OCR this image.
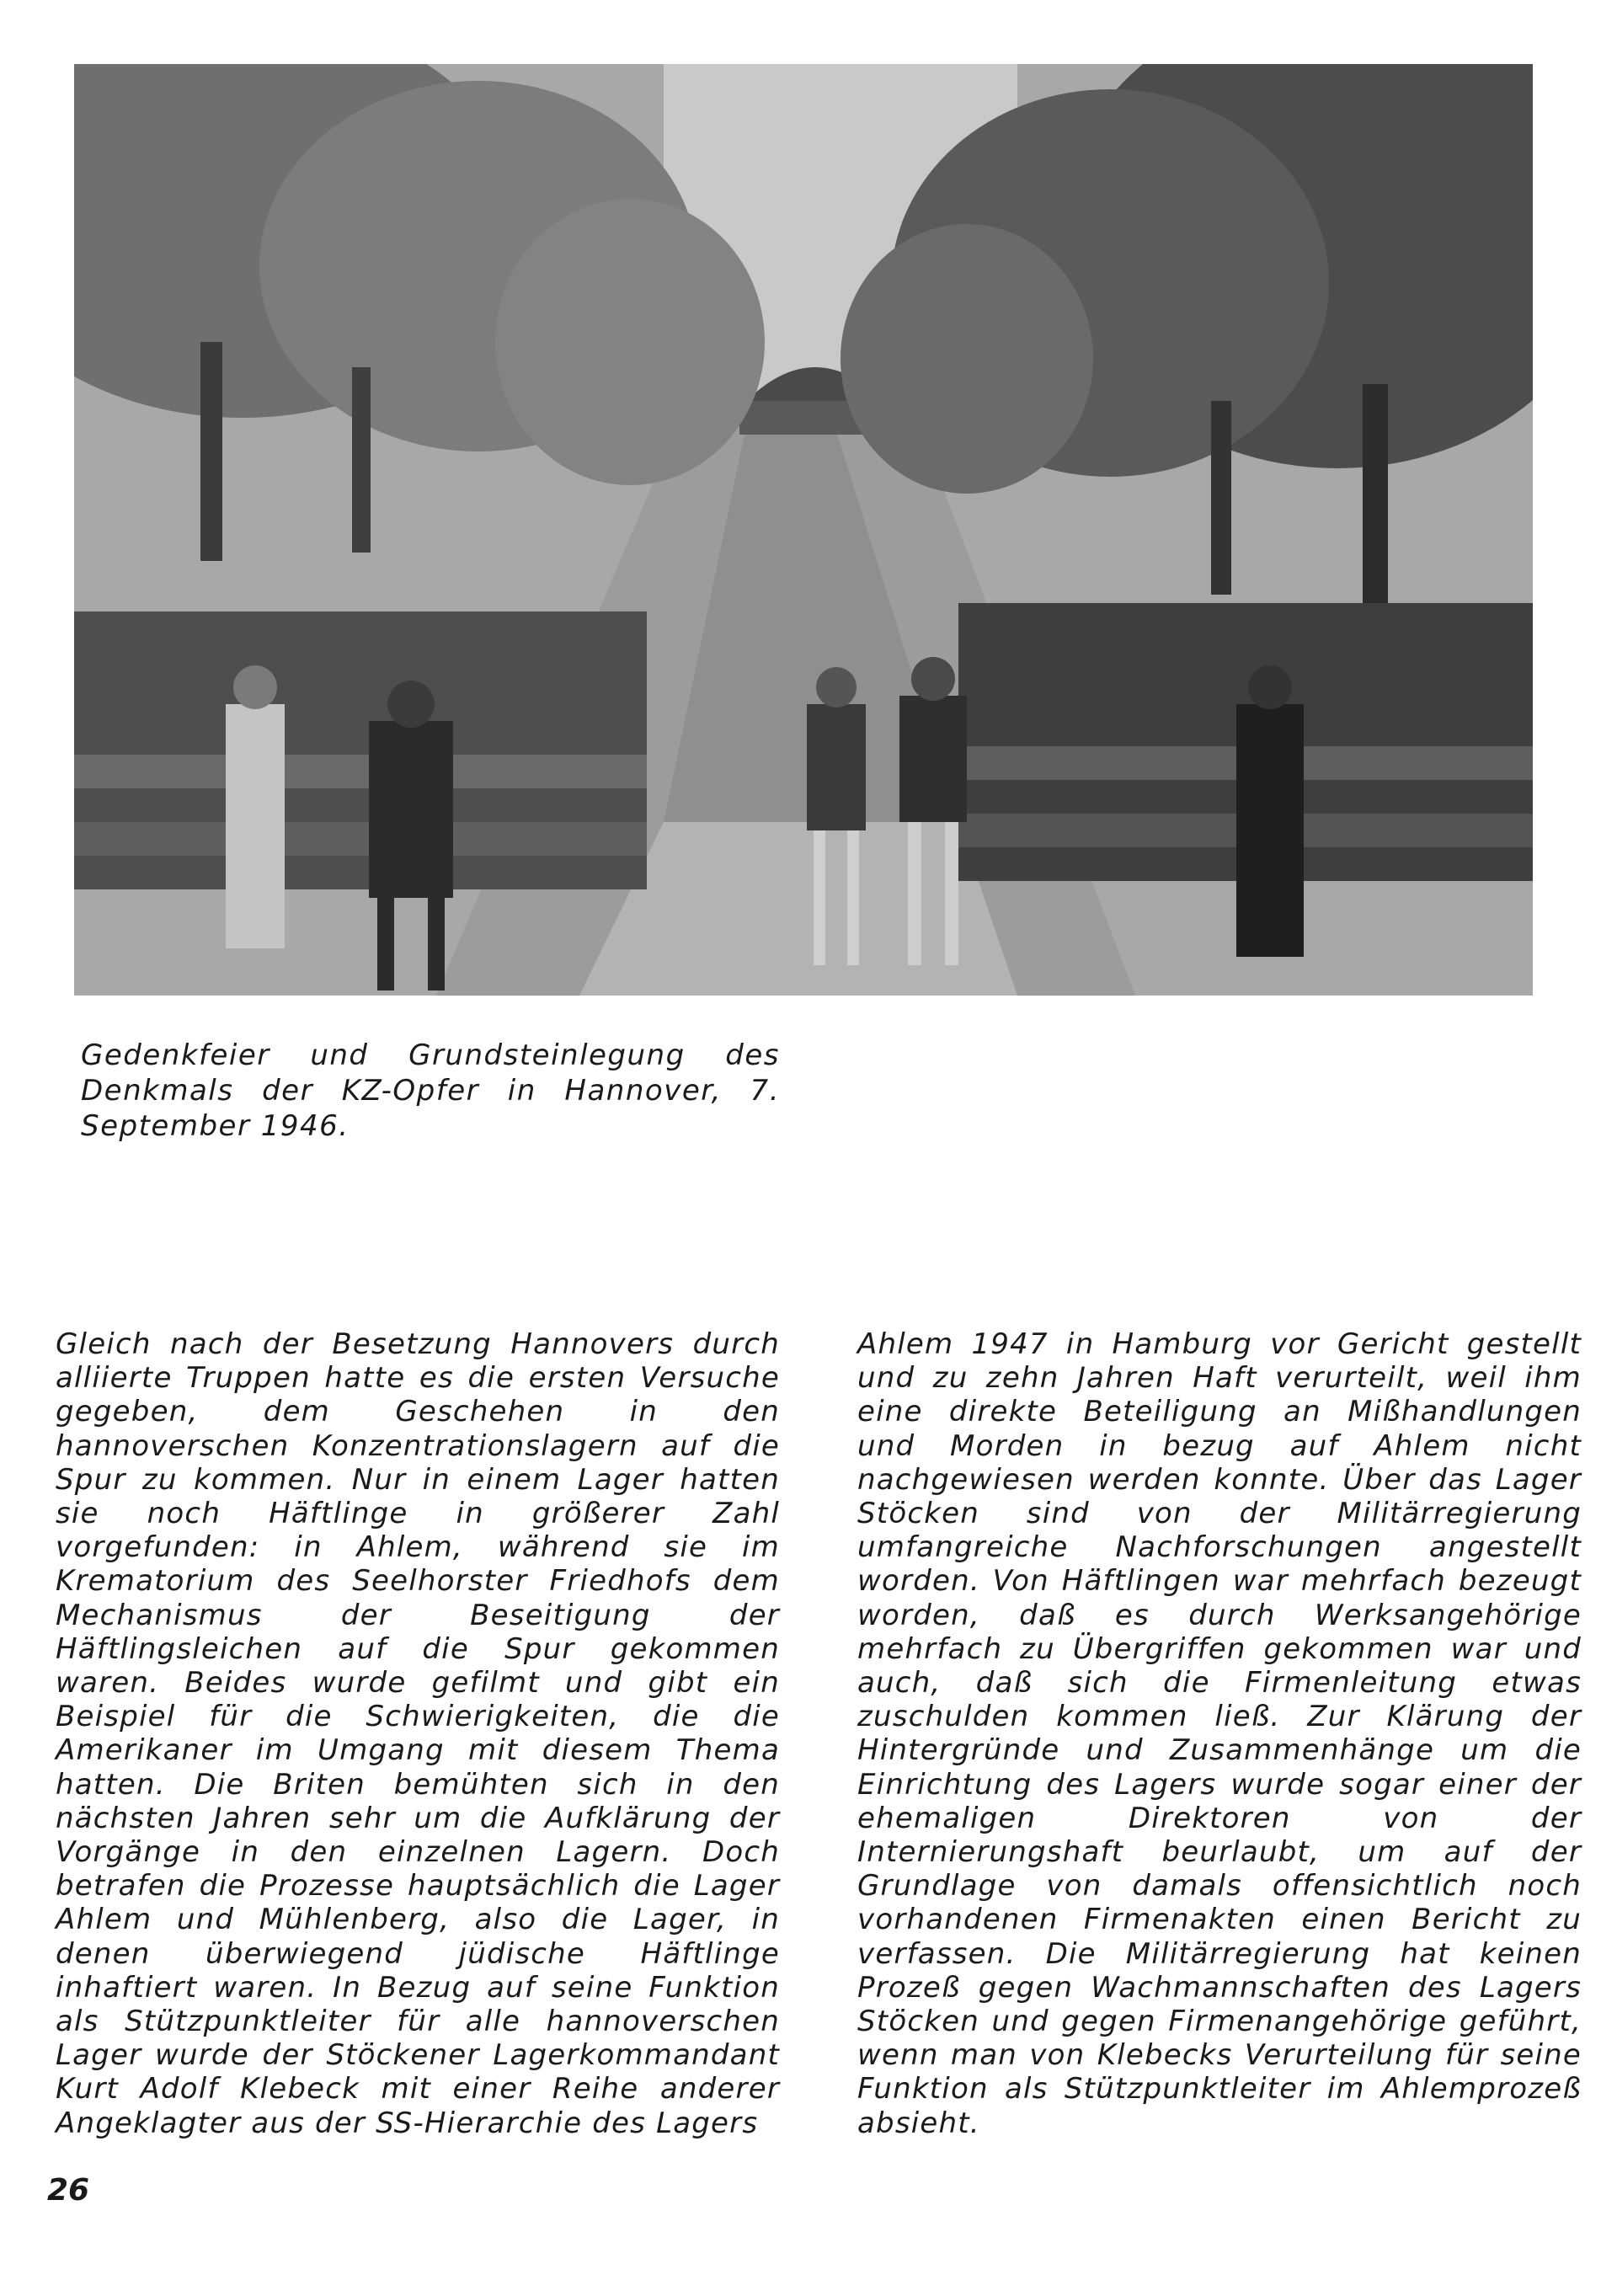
Gedenkfeier und Grundsteinlegung des Denkmals der KZ-Opfer in Hannover, 7. September 1946.

Gleich nach der Besetzung Hannovers durch alliierte Truppen hatte es die ersten Versuche gegeben, dem Geschehen in den hannoverschen Konzentrationslagern auf die Spur zu kommen. Nur in einem Lager hatten sie noch Häftlinge in größerer Zahl vorgefunden: in Ahlem, während sie im Krematorium des Seelhorster Friedhofs dem Mechanismus der Beseitigung der Häftlingsleichen auf die Spur gekommen waren. Beides wurde gefilmt und gibt ein Beispiel für die Schwierigkeiten, die die Amerikaner im Umgang mit diesem Thema hatten. Die Briten bemühten sich in den nächsten Jahren sehr um die Aufklärung der Vorgänge in den einzelnen Lagern. Doch betrafen die Prozesse hauptsächlich die Lager Ahlem und Mühlenberg, also die Lager, in denen überwiegend jüdische Häftlinge inhaftiert waren. In Bezug auf seine Funktion als Stützpunktleiter für alle hannoverschen Lager wurde der Stöckener Lagerkommandant Kurt Adolf Klebeck mit einer Reihe anderer Angeklagter aus der SS-Hierarchie des Lagers

Ahlem 1947 in Hamburg vor Gericht gestellt und zu zehn Jahren Haft verurteilt, weil ihm eine direkte Beteiligung an Mißhandlungen und Morden in bezug auf Ahlem nicht nachgewiesen werden konnte. Über das Lager Stöcken sind von der Militärregierung umfangreiche Nachforschungen angestellt worden. Von Häftlingen war mehrfach bezeugt worden, daß es durch Werksangehörige mehrfach zu Übergriffen gekommen war und auch, daß sich die Firmenleitung etwas zuschulden kommen ließ. Zur Klärung der Hintergründe und Zusammenhänge um die Einrichtung des Lagers wurde sogar einer der ehemaligen Direktoren von der Internierungshaft beurlaubt, um auf der Grundlage von damals offensichtlich noch vorhandenen Firmenakten einen Bericht zu verfassen. Die Militärregierung hat keinen Prozeß gegen Wachmannschaften des Lagers Stöcken und gegen Firmenangehörige geführt, wenn man von Klebecks Verurteilung für seine Funktion als Stützpunktleiter im Ahlemprozeß absieht.

26
